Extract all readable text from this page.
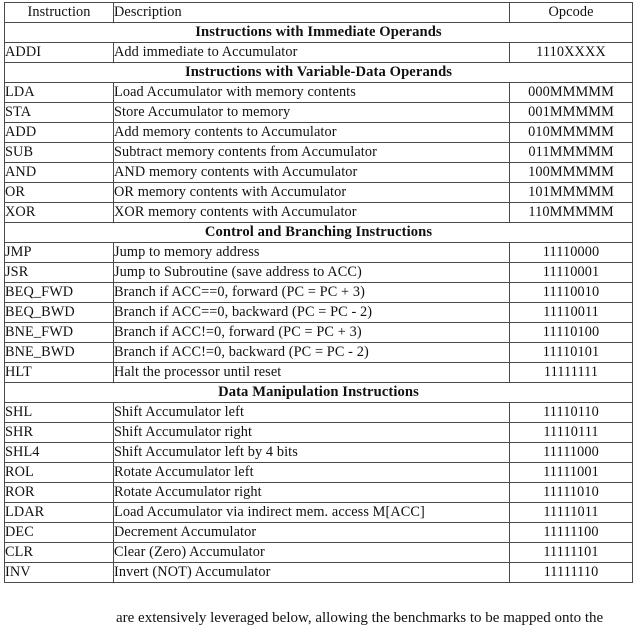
Instruction	Description	Opcode
Instructions with Immediate Operands		
ADDI	Add immediate to Accumulator	1110XXXX
Instructions with Variable-Data Operands		
LDA	Load Accumulator with memory contents	000MMMMM
STA	Store Accumulator to memory	001MMMMM
ADD	Add memory contents to Accumulator	010MMMMM
SUB	Subtract memory contents from Accumulator	011MMMMM
AND	AND memory contents with Accumulator	100MMMMM
OR	OR memory contents with Accumulator	101MMMMM
XOR	XOR memory contents with Accumulator	110MMMMM
Control and Branching Instructions		
JMP	Jump to memory address	11110000
JSR	Jump to Subroutine (save address to ACC)	11110001
BEQ_FWD	Branch if ACC==0, forward (PC = PC + 3)	11110010
BEQ_BWD	Branch if ACC==0, backward (PC = PC - 2)	11110011
BNE_FWD	Branch if ACC!=0, forward (PC = PC + 3)	11110100
BNE_BWD	Branch if ACC!=0, backward (PC = PC - 2)	11110101
HLT	Halt the processor until reset	11111111
Data Manipulation Instructions		
SHL	Shift Accumulator left	11110110
SHR	Shift Accumulator right	11110111
SHL4	Shift Accumulator left by 4 bits	11111000
ROL	Rotate Accumulator left	11111001
ROR	Rotate Accumulator right	11111010
LDAR	Load Accumulator via indirect mem. access M[ACC]	11111011
DEC	Decrement Accumulator	11111100
CLR	Clear (Zero) Accumulator	11111101
INV	Invert (NOT) Accumulator	11111110
are extensively leveraged below, allowing the benchmarks to be mapped onto the
